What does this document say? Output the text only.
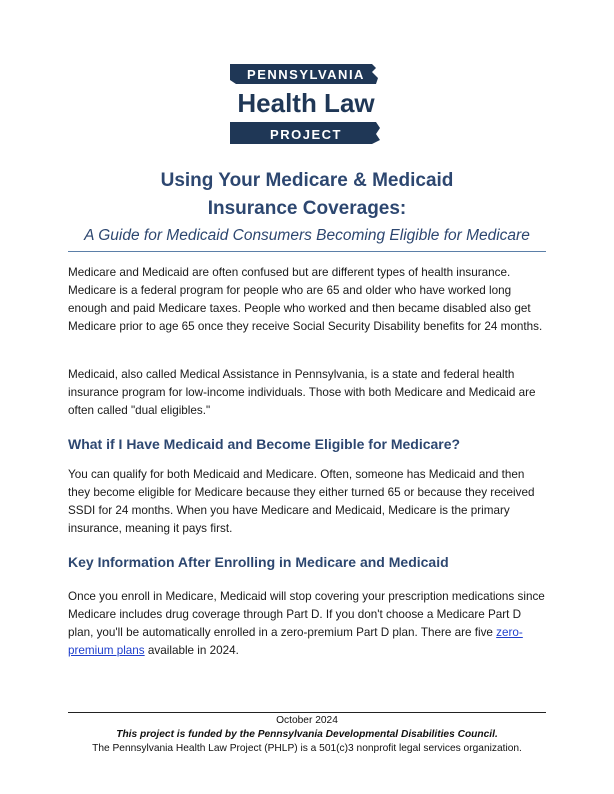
PENNSYLVANIA
Health Law
PROJECT
Using Your Medicare & Medicaid
Insurance Coverages:
A Guide for Medicaid Consumers Becoming Eligible for Medicare
Medicare and Medicaid are often confused but are different types of health insurance. Medicare is a federal program for people who are 65 and older who have worked long enough and paid Medicare taxes. People who worked and then became disabled also get Medicare prior to age 65 once they receive Social Security Disability benefits for 24 months.
Medicaid, also called Medical Assistance in Pennsylvania, is a state and federal health insurance program for low-income individuals. Those with both Medicare and Medicaid are often called "dual eligibles."
What if I Have Medicaid and Become Eligible for Medicare?
You can qualify for both Medicaid and Medicare. Often, someone has Medicaid and then they become eligible for Medicare because they either turned 65 or because they received SSDI for 24 months. When you have Medicare and Medicaid, Medicare is the primary insurance, meaning it pays first.
Key Information After Enrolling in Medicare and Medicaid
Once you enroll in Medicare, Medicaid will stop covering your prescription medications since Medicare includes drug coverage through Part D. If you don't choose a Medicare Part D plan, you'll be automatically enrolled in a zero-premium Part D plan. There are five zero-premium plans available in 2024.
October 2024
This project is funded by the Pennsylvania Developmental Disabilities Council.
The Pennsylvania Health Law Project (PHLP) is a 501(c)3 nonprofit legal services organization.
